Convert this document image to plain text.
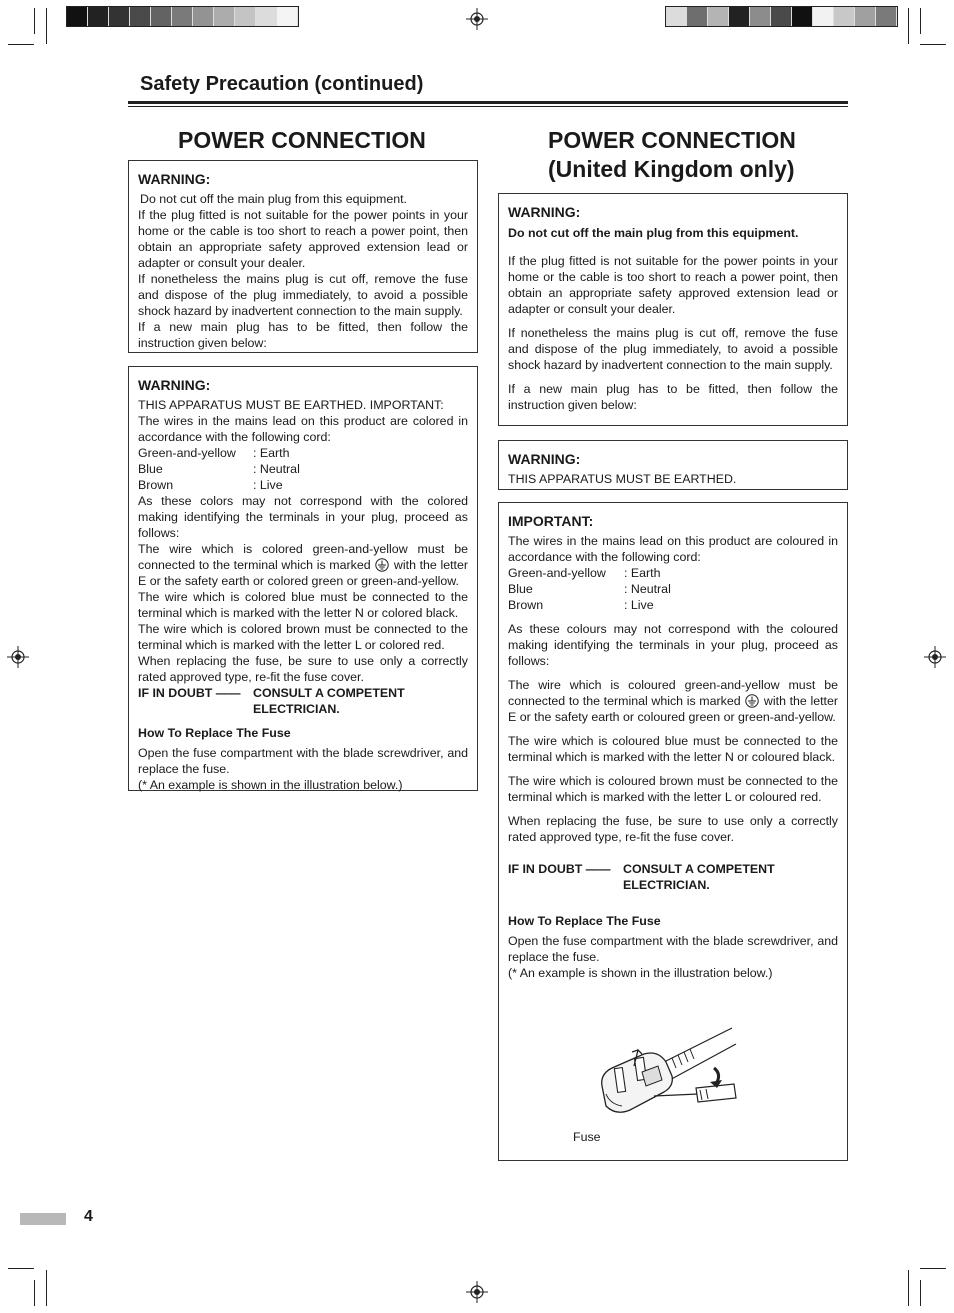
Safety Precaution (continued)
POWER CONNECTION
WARNING:

Do not cut off the main plug from this equipment.

If the plug fitted is not suitable for the power points in your home or the cable is too short to reach a power point, then obtain an appropriate safety approved extension lead or adapter or consult your dealer.

If nonetheless the mains plug is cut off, remove the fuse and dispose of the plug immediately, to avoid a possible shock hazard by inadvertent connection to the main supply.

If a new main plug has to be fitted, then follow the instruction given below:

WARNING:

THIS APPARATUS MUST BE EARTHED. IMPORTANT:

The wires in the mains lead on this product are colored in accordance with the following cord:

Green-and-yellow	: Earth
Blue	: Neutral
Brown	: Live

As these colors may not correspond with the colored making identifying the terminals in your plug, proceed as follows:

The wire which is colored green-and-yellow must be connected to the terminal which is marked with the letter E or the safety earth or colored green or green-and-yellow.

The wire which is colored blue must be connected to the terminal which is marked with the letter N or colored black.

The wire which is colored brown must be connected to the terminal which is marked with the letter L or colored red.

When replacing the fuse, be sure to use only a correctly rated approved type, re-fit the fuse cover.

IF IN DOUBT ——	CONSULT A COMPETENT ELECTRICIAN.

How To Replace The Fuse

Open the fuse compartment with the blade screwdriver, and replace the fuse.

(* An example is shown in the illustration below.)

POWER CONNECTION
(United Kingdom only)
WARNING:

Do not cut off the main plug from this equipment.

If the plug fitted is not suitable for the power points in your home or the cable is too short to reach a power point, then obtain an appropriate safety approved extension lead or adapter or consult your dealer.

If nonetheless the mains plug is cut off, remove the fuse and dispose of the plug immediately, to avoid a possible shock hazard by inadvertent connection to the main supply.

If a new main plug has to be fitted, then follow the instruction given below:

WARNING:

THIS APPARATUS MUST BE EARTHED.

IMPORTANT:

The wires in the mains lead on this product are coloured in accordance with the following cord:

Green-and-yellow	: Earth
Blue	: Neutral
Brown	: Live

As these colours may not correspond with the coloured making identifying the terminals in your plug, proceed as follows:

The wire which is coloured green-and-yellow must be connected to the terminal which is marked with the letter E or the safety earth or coloured green or green-and-yellow.

The wire which is coloured blue must be connected to the terminal which is marked with the letter N or coloured black.

The wire which is coloured brown must be connected to the terminal which is marked with the letter L or coloured red.

When replacing the fuse, be sure to use only a correctly rated approved type, re-fit the fuse cover.

IF IN DOUBT ——	CONSULT A COMPETENT ELECTRICIAN.

How To Replace The Fuse

Open the fuse compartment with the blade screwdriver, and replace the fuse.

(* An example is shown in the illustration below.)

Fuse
4
